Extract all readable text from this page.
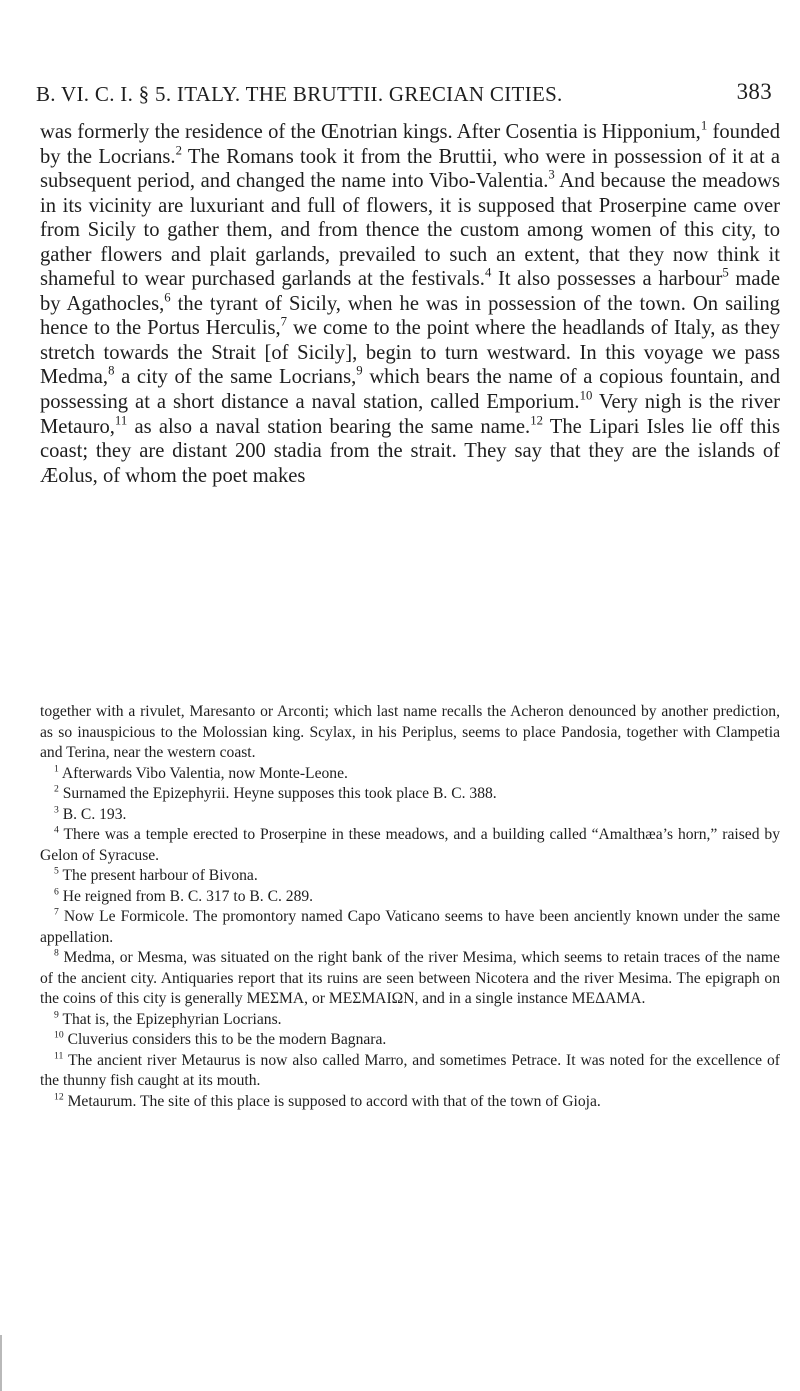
B. VI. C. I. § 5. ITALY. THE BRUTTII. GRECIAN CITIES.	383

was formerly the residence of the Œnotrian kings. After Cosentia is Hipponium,$^1$ founded by the Locrians.$^2$ The Romans took it from the Bruttii, who were in possession of it at a subsequent period, and changed the name into Vibo-Valentia.$^3$ And because the meadows in its vicinity are luxuriant and full of flowers, it is supposed that Proserpine came over from Sicily to gather them, and from thence the custom among women of this city, to gather flowers and plait garlands, prevailed to such an extent, that they now think it shameful to wear purchased garlands at the festivals.$^4$ It also possesses a harbour$^5$ made by Agathocles,$^6$ the tyrant of Sicily, when he was in possession of the town. On sailing hence to the Portus Herculis,$^7$ we come to the point where the headlands of Italy, as they stretch towards the Strait [of Sicily], begin to turn westward. In this voyage we pass Medma,$^8$ a city of the same Locrians,$^9$ which bears the name of a copious fountain, and possessing at a short distance a naval station, called Emporium.$^{10}$ Very nigh is the river Metauro,$^{11}$ as also a naval station bearing the same name.$^{12}$ The Lipari Isles lie off this coast; they are distant 200 stadia from the strait. They say that they are the islands of Æolus, of whom the poet makes

together with a rivulet, Maresanto or Arconti; which last name recalls the Acheron denounced by another prediction, as so inauspicious to the Molossian king. Scylax, in his Periplus, seems to place Pandosia, together with Clampetia and Terina, near the western coast.

$^1$ Afterwards Vibo Valentia, now Monte-Leone.

$^2$ Surnamed the Epizephyrii. Heyne supposes this took place B. C. 388.

$^3$ B. C. 193.

$^4$ There was a temple erected to Proserpine in these meadows, and a building called “Amalthæa’s horn,” raised by Gelon of Syracuse.

$^5$ The present harbour of Bivona.

$^6$ He reigned from B. C. 317 to B. C. 289.

$^7$ Now Le Formicole. The promontory named Capo Vaticano seems to have been anciently known under the same appellation.

$^8$ Medma, or Mesma, was situated on the right bank of the river Mesima, which seems to retain traces of the name of the ancient city. Antiquaries report that its ruins are seen between Nicotera and the river Mesima. The epigraph on the coins of this city is generally ΜΕΣΜΑ, or ΜΕΣΜΑΙΩΝ, and in a single instance ΜΕΔΑΜΑ.

$^9$ That is, the Epizephyrian Locrians.

$^{10}$ Cluverius considers this to be the modern Bagnara.

$^{11}$ The ancient river Metaurus is now also called Marro, and sometimes Petrace. It was noted for the excellence of the thunny fish caught at its mouth.

$^{12}$ Metaurum. The site of this place is supposed to accord with that of the town of Gioja.
